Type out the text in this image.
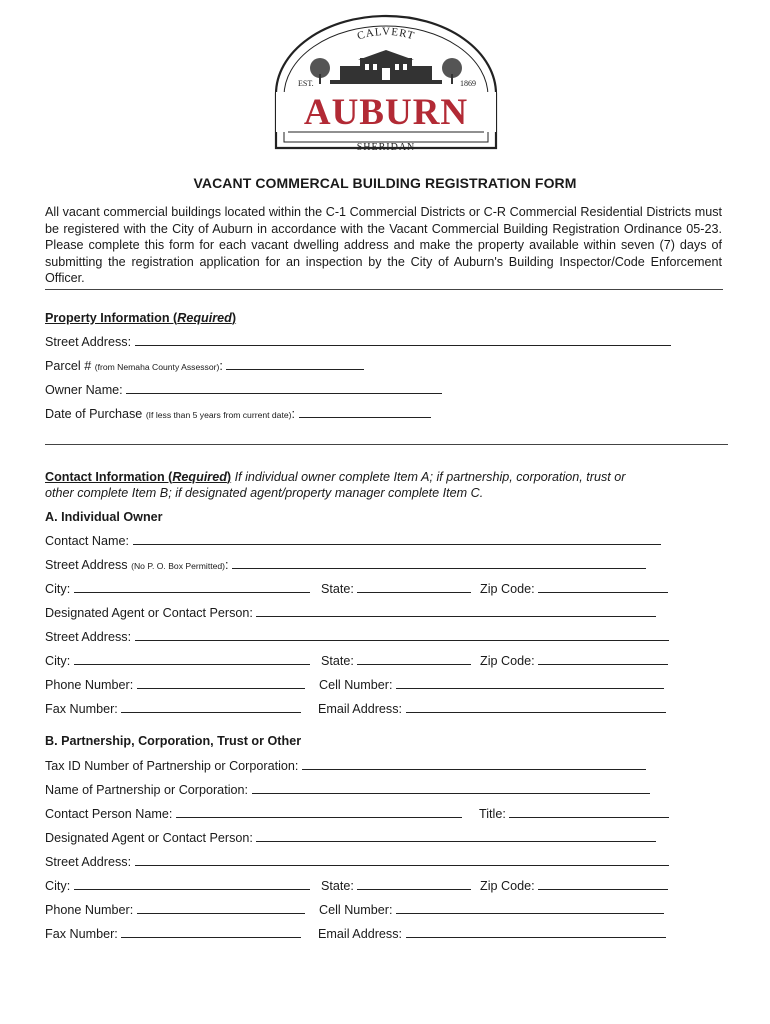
CALVERT
EST.	1869
AUBURN
SHERIDAN
VACANT COMMERCAL BUILDING REGISTRATION FORM
All vacant commercial buildings located within the C-1 Commercial Districts or C-R Commercial Residential Districts must be registered with the City of Auburn in accordance with the Vacant Commercial Building Registration Ordinance 05-23. Please complete this form for each vacant dwelling address and make the property available within seven (7) days of submitting the registration application for an inspection by the City of Auburn's Building Inspector/Code Enforcement Officer.
Property Information (Required)
Street Address:
Parcel # (from Nemaha County Assessor):
Owner Name:
Date of Purchase (If less than 5 years from current date):
Contact Information (Required) If individual owner complete Item A; if partnership, corporation, trust or
other complete Item B; if designated agent/property manager complete Item C.
A. Individual Owner
Contact Name:
Street Address (No P. O. Box Permitted):
City:	State:	Zip Code:
Designated Agent or Contact Person:
Street Address:
City:	State:	Zip Code:
Phone Number:	Cell Number:
Fax Number:	Email Address:
B. Partnership, Corporation, Trust or Other
Tax ID Number of Partnership or Corporation:
Name of Partnership or Corporation:
Contact Person Name:	Title:
Designated Agent or Contact Person:
Street Address:
City:	State:	Zip Code:
Phone Number:	Cell Number:
Fax Number:	Email Address:
